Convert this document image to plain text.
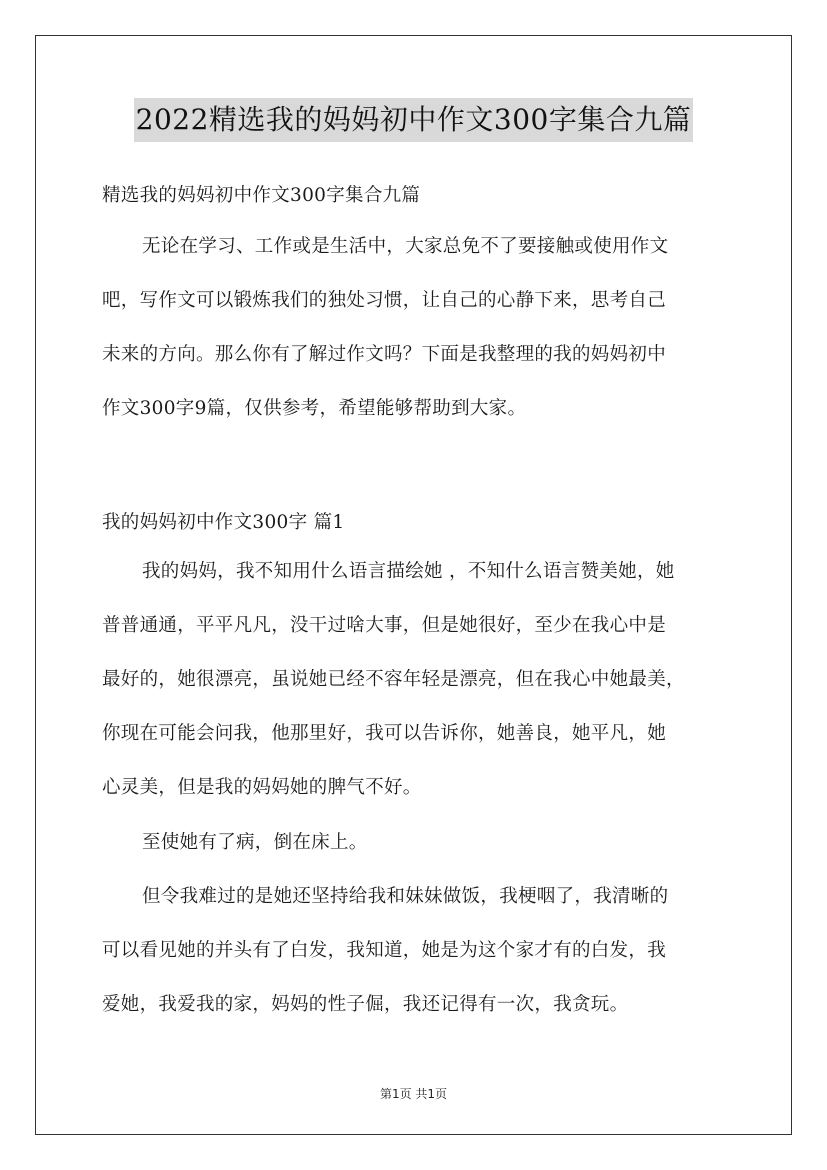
2022精选我的妈妈初中作文300字集合九篇
精选我的妈妈初中作文300字集合九篇
无论在学习、工作或是生活中，大家总免不了要接触或使用作文
吧，写作文可以锻炼我们的独处习惯，让自己的心静下来，思考自己
未来的方向。那么你有了解过作文吗？下面是我整理的我的妈妈初中
作文300字9篇，仅供参考，希望能够帮助到大家。
我的妈妈初中作文300字 篇1
我的妈妈，我不知用什么语言描绘她 ，不知什么语言赞美她，她
普普通通，平平凡凡，没干过啥大事，但是她很好，至少在我心中是
最好的，她很漂亮，虽说她已经不容年轻是漂亮，但在我心中她最美，
你现在可能会问我，他那里好，我可以告诉你，她善良，她平凡，她
心灵美，但是我的妈妈她的脾气不好。
至使她有了病，倒在床上。
但令我难过的是她还坚持给我和妹妹做饭，我梗咽了，我清晰的
可以看见她的并头有了白发，我知道，她是为这个家才有的白发，我
爱她，我爱我的家，妈妈的性子倔，我还记得有一次，我贪玩。
第1页 共1页
